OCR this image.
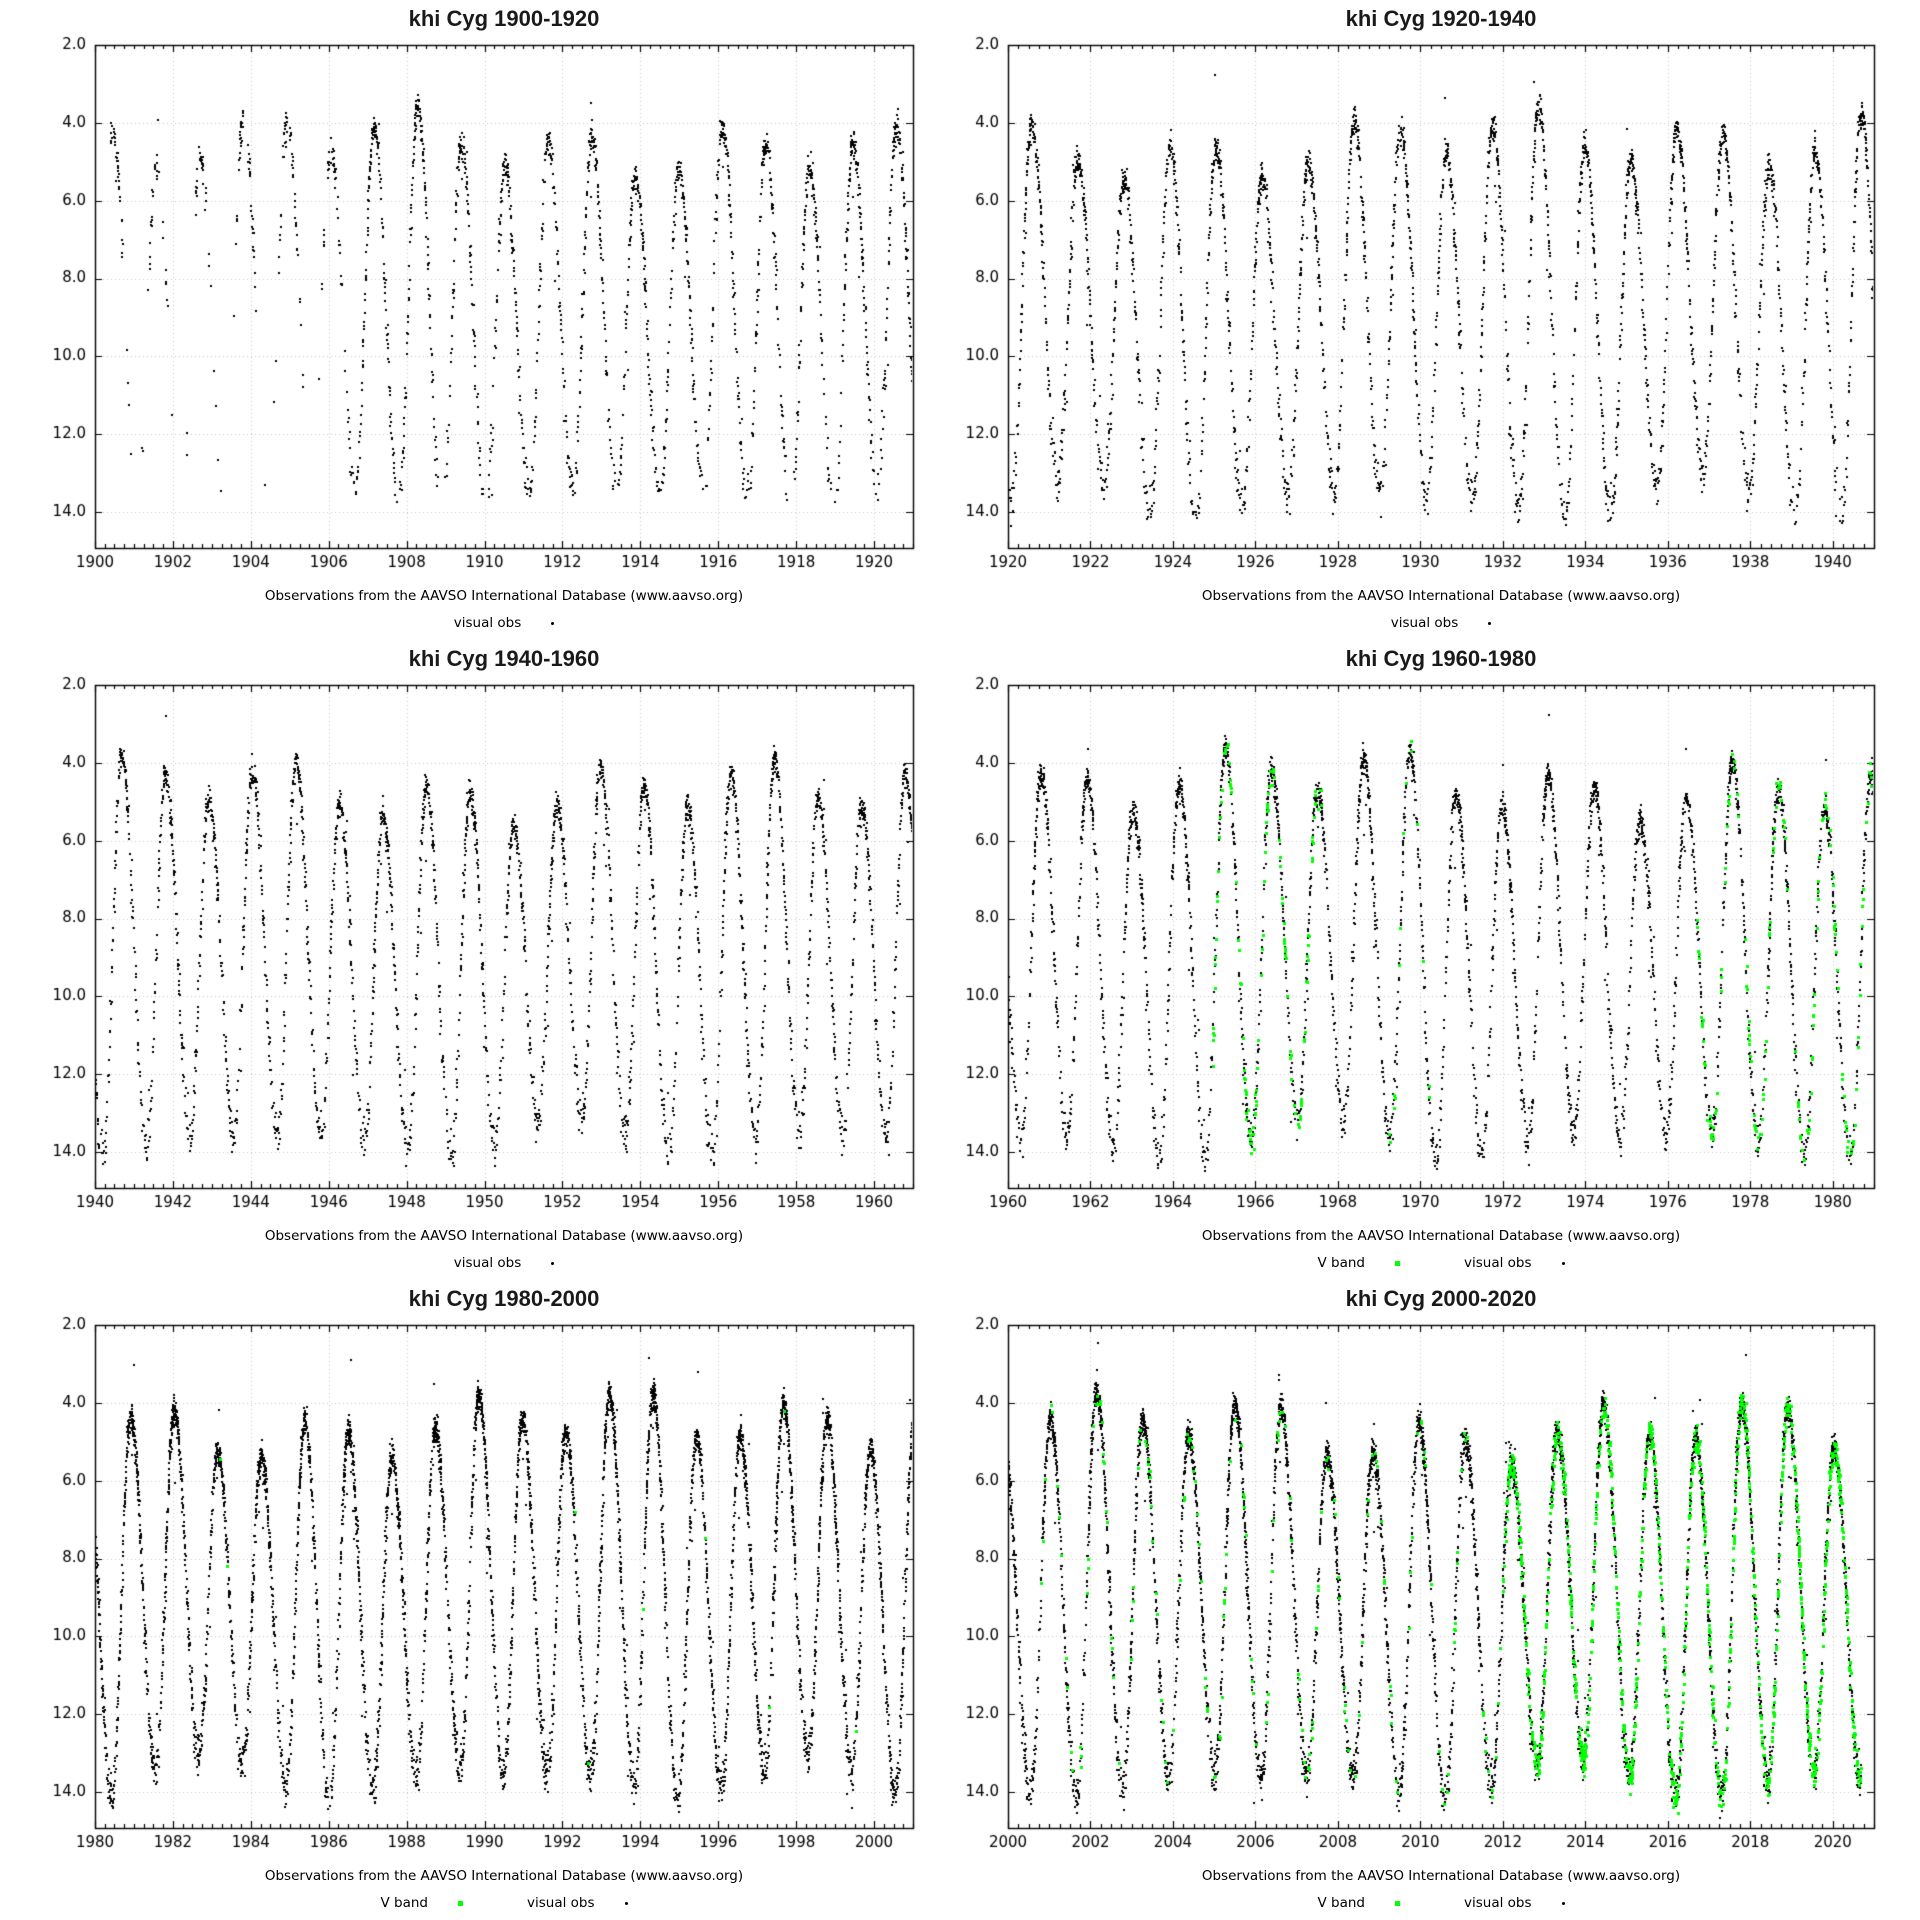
khi Cyg 1900-1920
Observations from the AAVSO International Database (www.aavso.org)
visual obs
khi Cyg 1920-1940
Observations from the AAVSO International Database (www.aavso.org)
visual obs
khi Cyg 1940-1960
Observations from the AAVSO International Database (www.aavso.org)
visual obs
khi Cyg 1960-1980
Observations from the AAVSO International Database (www.aavso.org)
V band	visual obs
khi Cyg 1980-2000
Observations from the AAVSO International Database (www.aavso.org)
V band	visual obs
khi Cyg 2000-2020
Observations from the AAVSO International Database (www.aavso.org)
V band	visual obs
